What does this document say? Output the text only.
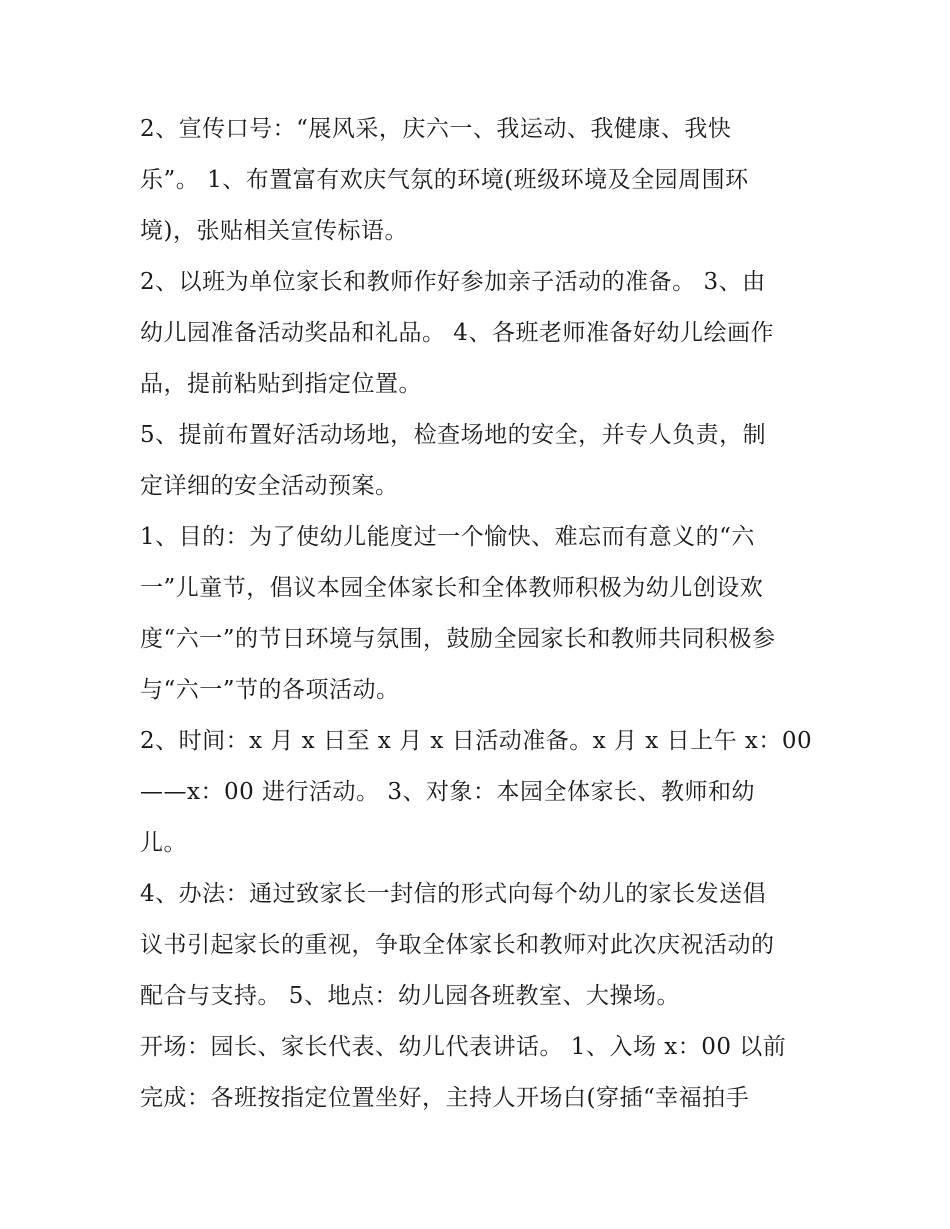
2、宣传口号：“展风采，庆六一、我运动、我健康、我快
乐”。 1、布置富有欢庆气氛的环境(班级环境及全园周围环
境)，张贴相关宣传标语。
2、以班为单位家长和教师作好参加亲子活动的准备。 3、由
幼儿园准备活动奖品和礼品。 4、各班老师准备好幼儿绘画作
品，提前粘贴到指定位置。
5、提前布置好活动场地，检查场地的安全，并专人负责，制
定详细的安全活动预案。
1、目的：为了使幼儿能度过一个愉快、难忘而有意义的“六
一”儿童节，倡议本园全体家长和全体教师积极为幼儿创设欢
度“六一”的节日环境与氛围，鼓励全园家长和教师共同积极参
与“六一”节的各项活动。
2、时间：x 月 x 日至 x 月 x 日活动准备。x 月 x 日上午 x：00
——x：00 进行活动。 3、对象：本园全体家长、教师和幼
儿。
4、办法：通过致家长一封信的形式向每个幼儿的家长发送倡
议书引起家长的重视，争取全体家长和教师对此次庆祝活动的
配合与支持。 5、地点：幼儿园各班教室、大操场。
开场：园长、家长代表、幼儿代表讲话。 1、入场 x：00 以前
完成：各班按指定位置坐好，主持人开场白(穿插“幸福拍手
